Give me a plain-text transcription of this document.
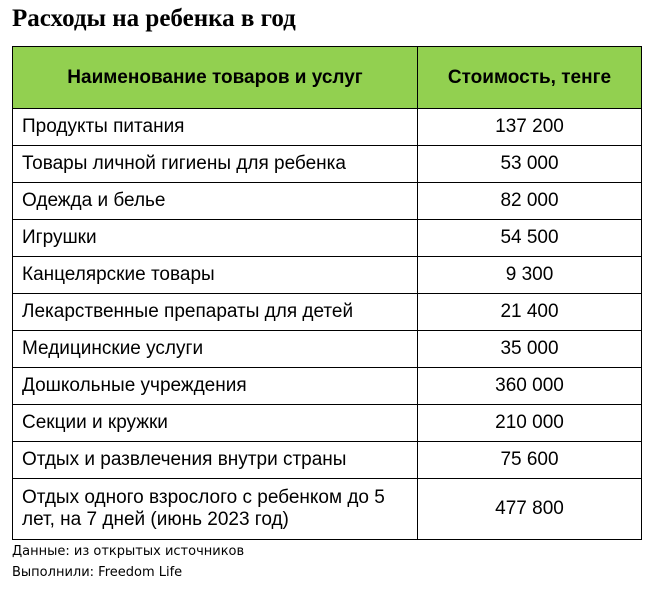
Расходы на ребенка в год
Наименование товаров и услуг	Стоимость, тенге
Продукты питания	137 200
Товары личной гигиены для ребенка	53 000
Одежда и белье	82 000
Игрушки	54 500
Канцелярские товары	9 300
Лекарственные препараты для детей	21 400
Медицинские услуги	35 000
Дошкольные учреждения	360 000
Секции и кружки	210 000
Отдых и развлечения внутри страны	75 600
Отдых одного взрослого с ребенком до 5 лет, на 7 дней (июнь 2023 год)	477 800
Данные: из открытых источников
Выполнили: Freedom Life
